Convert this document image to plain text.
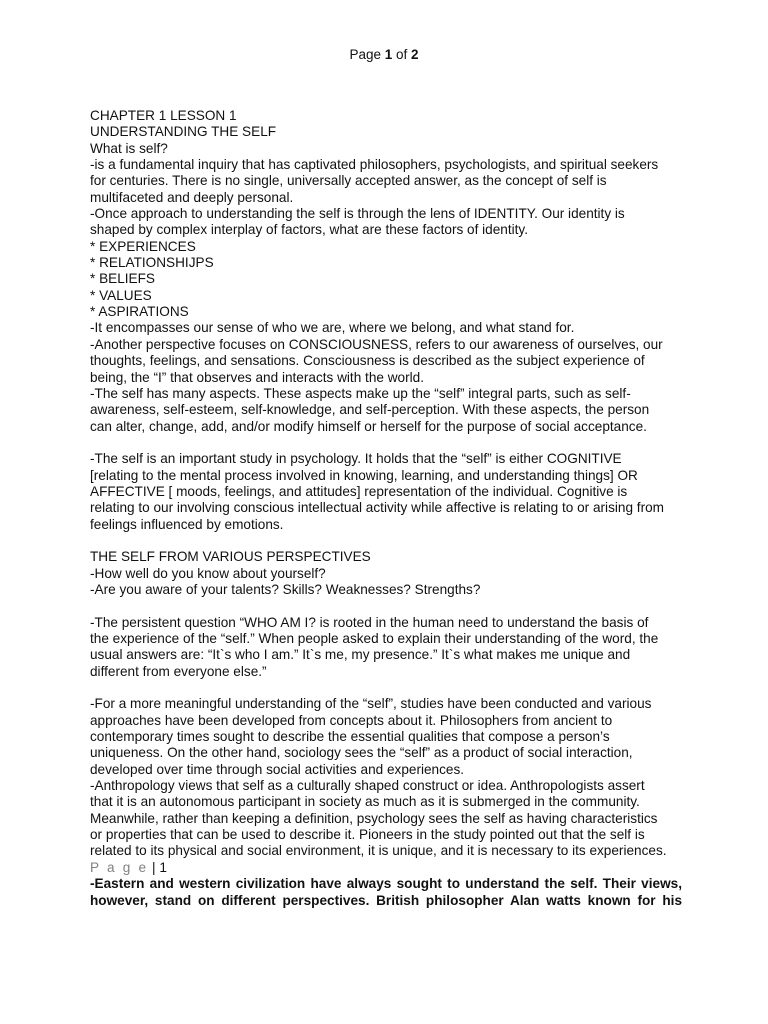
Page 1 of 2

CHAPTER 1 LESSON 1

UNDERSTANDING THE SELF

What is self?

-is a fundamental inquiry that has captivated philosophers, psychologists, and spiritual seekers

for centuries. There is no single, universally accepted answer, as the concept of self is

multifaceted and deeply personal.

-Once approach to understanding the self is through the lens of IDENTITY. Our identity is

shaped by complex interplay of factors, what are these factors of identity.

* EXPERIENCES

* RELATIONSHIJPS

* BELIEFS

* VALUES

* ASPIRATIONS

-It encompasses our sense of who we are, where we belong, and what stand for.

-Another perspective focuses on CONSCIOUSNESS, refers to our awareness of ourselves, our

thoughts, feelings, and sensations. Consciousness is described as the subject experience of

being, the “I” that observes and interacts with the world.

-The self has many aspects. These aspects make up the “self” integral parts, such as self-

awareness, self-esteem, self-knowledge, and self-perception. With these aspects, the person

can alter, change, add, and/or modify himself or herself for the purpose of social acceptance.

-The self is an important study in psychology. It holds that the “self” is either COGNITIVE

[relating to the mental process involved in knowing, learning, and understanding things] OR

AFFECTIVE [ moods, feelings, and attitudes] representation of the individual. Cognitive is

relating to our involving conscious intellectual activity while affective is relating to or arising from

feelings influenced by emotions.

THE SELF FROM VARIOUS PERSPECTIVES

-How well do you know about yourself?

-Are you aware of your talents? Skills? Weaknesses? Strengths?

-The persistent question “WHO AM I? is rooted in the human need to understand the basis of

the experience of the “self.” When people asked to explain their understanding of the word, the

usual answers are: “It`s who I am.” It`s me, my presence.” It`s what makes me unique and

different from everyone else.”

-For a more meaningful understanding of the “self”, studies have been conducted and various

approaches have been developed from concepts about it. Philosophers from ancient to

contemporary times sought to describe the essential qualities that compose a person’s

uniqueness. On the other hand, sociology sees the “self” as a product of social interaction,

developed over time through social activities and experiences.

-Anthropology views that self as a culturally shaped construct or idea. Anthropologists assert

that it is an autonomous participant in society as much as it is submerged in the community.

Meanwhile, rather than keeping a definition, psychology sees the self as having characteristics

or properties that can be used to describe it. Pioneers in the study pointed out that the self is

related to its physical and social environment, it is unique, and it is necessary to its experiences.

P a g e | 1

-Eastern and western civilization have always sought to understand the self. Their views,

however, stand on different perspectives. British philosopher Alan watts known for his
